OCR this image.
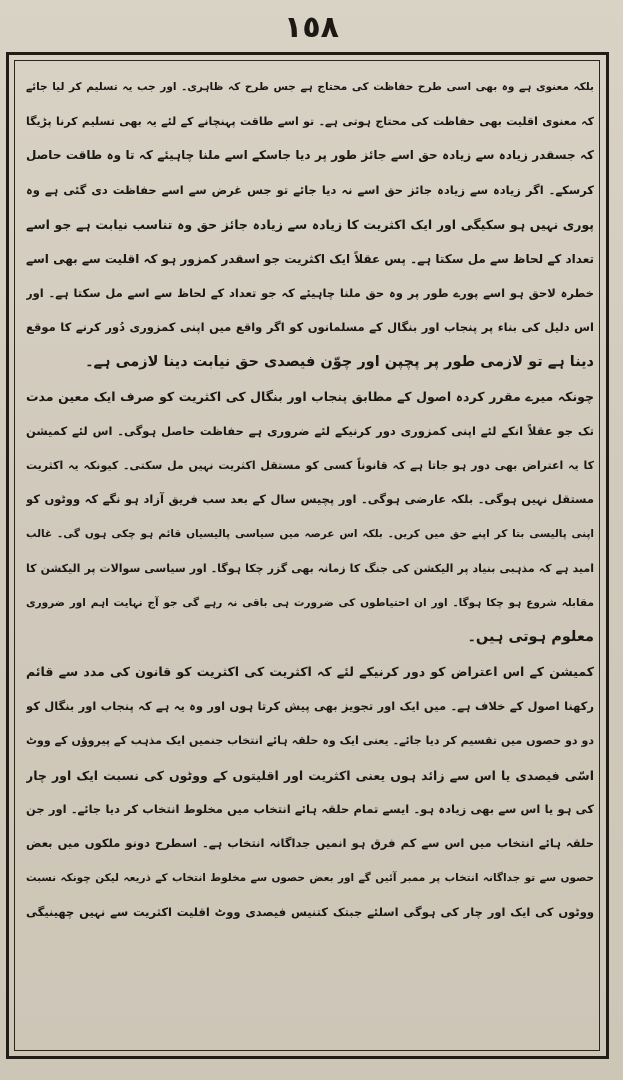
١٥٨
بلکہ معنوی ہے وہ بھی اسی طرح حفاظت کی محتاج ہے جس طرح کہ ظاہری۔ اور جب یہ تسلیم کر لیا جائے
کہ معنوی اقلیت بھی حفاظت کی محتاج ہوتی ہے۔ تو اسے طاقت پہنچانے کے لئے یہ بھی تسلیم کرنا پڑیگا
کہ جسقدر زیادہ سے زیادہ حق اسے جائز طور پر دیا جاسکے اسے ملنا چاہیئے کہ تا وہ طاقت حاصل
کرسکے۔ اگر زیادہ سے زیادہ جائز حق اسے نہ دیا جائے تو جس غرض سے اسے حفاظت دی گئی ہے وہ
پوری نہیں ہو سکیگی اور ایک اکثریت کا زیادہ سے زیادہ جائز حق وہ تناسب نیابت ہے جو اسے
تعداد کے لحاظ سے مل سکتا ہے۔ پس عقلاً ایک اکثریت جو اسقدر کمزور ہو کہ اقلیت سے بھی اسے
خطرہ لاحق ہو اسے پورے طور پر وہ حق ملنا چاہیئے کہ جو تعداد کے لحاظ سے اسے مل سکتا ہے۔ اور
اس دلیل کی بناء پر پنجاب اور بنگال کے مسلمانوں کو اگر واقع میں اپنی کمزوری دُور کرنے کا موقع
دینا ہے تو لازمی طور پر پچپن اور چوّن فیصدی حق نیابت دینا لازمی ہے۔
چونکہ میرے مقرر کردہ اصول کے مطابق پنجاب اور بنگال کی اکثریت کو صرف ایک معین مدت
تک جو عقلاً انکے لئے اپنی کمزوری دور کرنیکے لئے ضروری ہے حفاظت حاصل ہوگی۔ اس لئے کمیشن
کا یہ اعتراض بھی دور ہو جاتا ہے کہ قانوناً کسی کو مستقل اکثریت نہیں مل سکتی۔ کیونکہ یہ اکثریت
مستقل نہیں ہوگی۔ بلکہ عارضی ہوگی۔ اور پچیس سال کے بعد سب فریق آزاد ہو نگے کہ ووٹوں کو
اپنی پالیسی بتا کر اپنے حق میں کریں۔ بلکہ اس عرصہ میں سیاسی پالیسیاں قائم ہو چکی ہوں گی۔ غالب
امید ہے کہ مذہبی بنیاد پر الیکشن کی جنگ کا زمانہ بھی گزر چکا ہوگا۔ اور سیاسی سوالات پر الیکشن کا
مقابلہ شروع ہو چکا ہوگا۔ اور ان احتیاطوں کی ضرورت ہی باقی نہ رہے گی جو آج نہایت اہم اور ضروری
معلوم ہوتی ہیں۔
کمیشن کے اس اعتراض کو دور کرنیکے لئے کہ اکثریت کی اکثریت کو قانون کی مدد سے قائم
رکھنا اصول کے خلاف ہے۔ میں ایک اور تجویز بھی پیش کرتا ہوں اور وہ یہ ہے کہ پنجاب اور بنگال کو
دو دو حصوں میں تقسیم کر دیا جائے۔ یعنی ایک وہ حلقہ ہائے انتخاب جنمیں ایک مذہب کے پیروؤں کے ووٹ
اسّی فیصدی یا اس سے زائد ہوں یعنی اکثریت اور اقلیتوں کے ووٹوں کی نسبت ایک اور چار
کی ہو یا اس سے بھی زیادہ ہو۔ ایسے تمام حلقہ ہائے انتخاب میں مخلوط انتخاب کر دیا جائے۔ اور جن
حلقہ ہائے انتخاب میں اس سے کم فرق ہو انمیں جداگانہ انتخاب ہے۔ اسطرح دونو ملکوں میں بعض
حصوں سے تو جداگانہ انتخاب پر ممبر آئیں گے اور بعض حصوں سے مخلوط انتخاب کے ذریعہ لیکن چونکہ نسبت
ووٹوں کی ایک اور چار کی ہوگی اسلئے جبتک کتنیس فیصدی ووٹ اقلیت اکثریت سے نہیں چھینیگی
